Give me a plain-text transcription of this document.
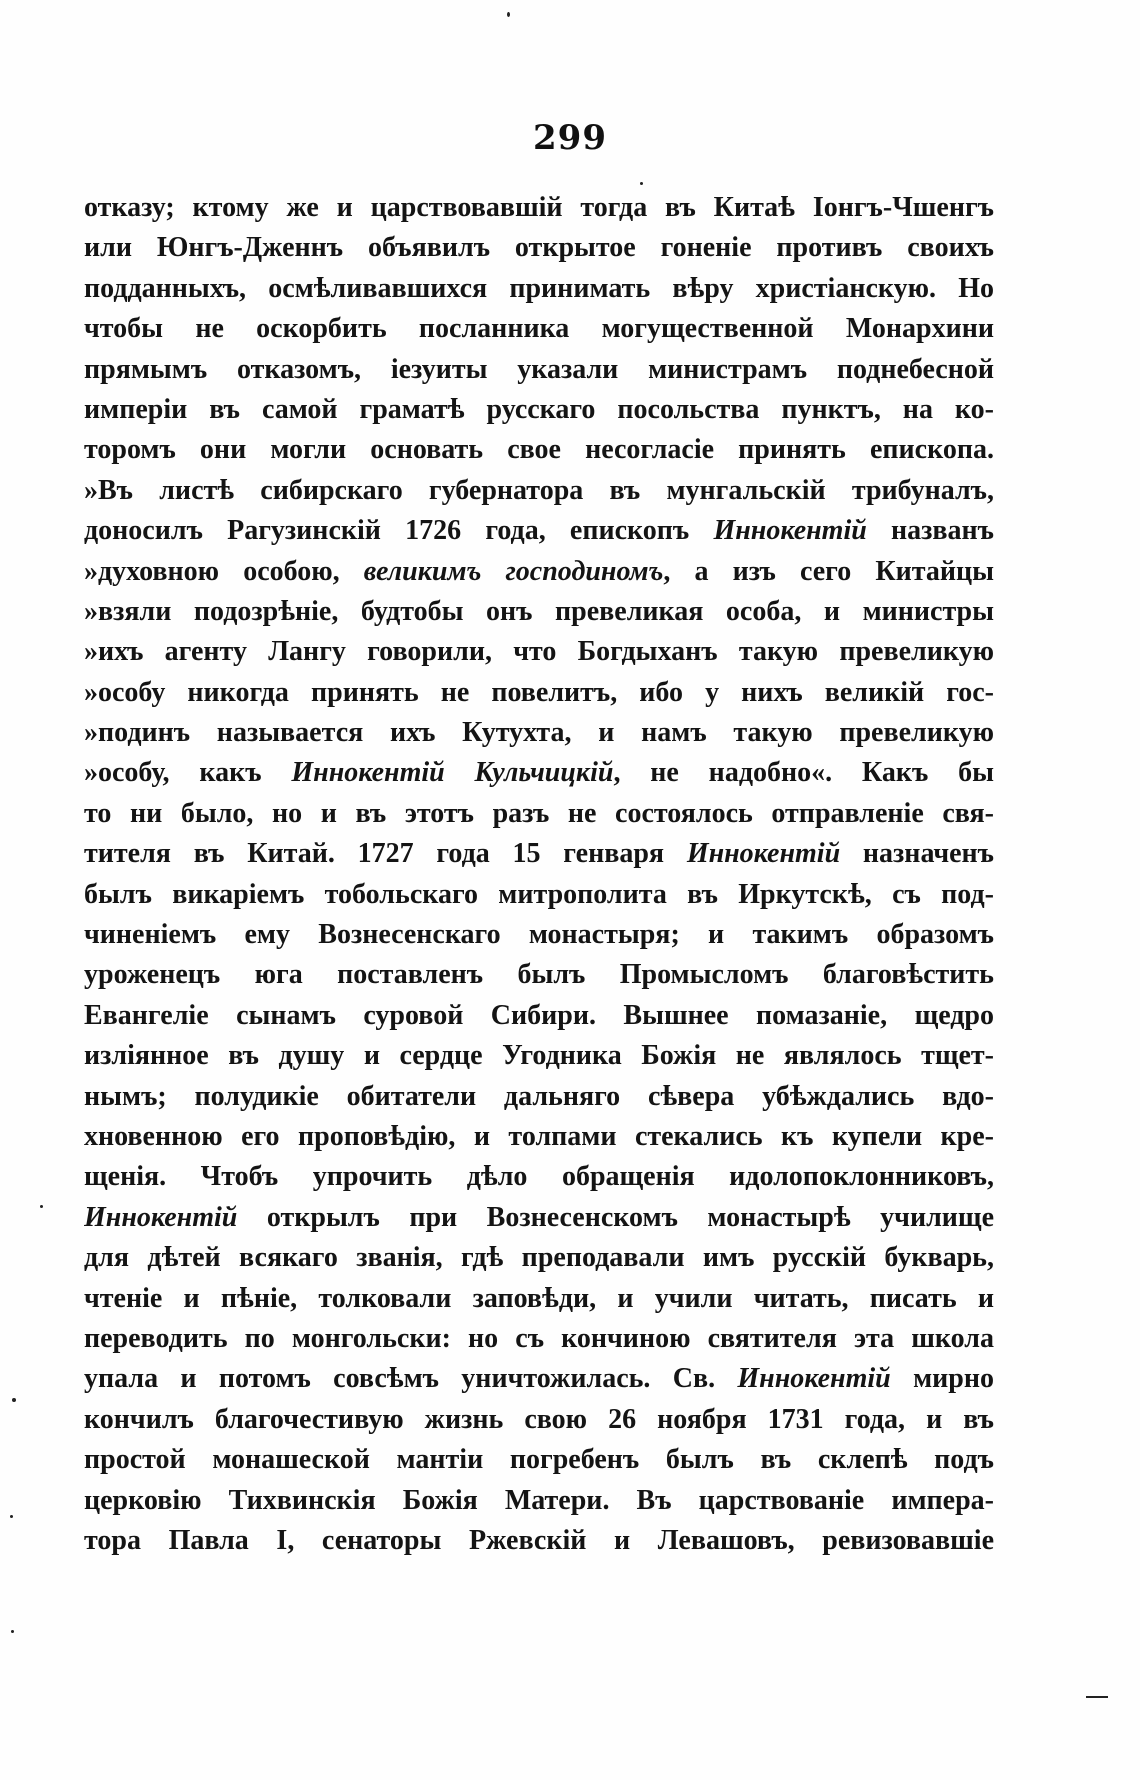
299
отказу; ктому же и царствовавшій тогда въ Китаѣ Іонгъ-Чшенгъ
или Юнгъ-Дженнъ объявилъ открытое гоненіе противъ своихъ
подданныхъ, осмѣливавшихся принимать вѣру христіанскую. Но
чтобы не оскорбить посланника могущественной Монархини
прямымъ отказомъ, іезуиты указали министрамъ поднебесной
имперіи въ самой граматѣ русскаго посольства пунктъ, на ко-
торомъ они могли основать свое несогласіе принять епископа.
»Въ листѣ сибирскаго губернатора въ мунгальскій трибуналъ,
доносилъ Рагузинскій 1726 года, епископъ Иннокентій названъ
»духовною особою, великимъ господиномъ, а изъ сего Китайцы
»взяли подозрѣніе, будтобы онъ превеликая особа, и министры
»ихъ агенту Лангу говорили, что Богдыханъ такую превеликую
»особу никогда принять не повелитъ, ибо у нихъ великій гос-
»подинъ называется ихъ Кутухта, и намъ такую превеликую
»особу, какъ Иннокентій Кульчицкій, не надобно«. Какъ бы
то ни было, но и въ этотъ разъ не состоялось отправленіе свя-
тителя въ Китай. 1727 года 15 генваря Иннокентій назначенъ
былъ викаріемъ тобольскаго митрополита въ Иркутскѣ, съ под-
чиненіемъ ему Вознесенскаго монастыря; и такимъ образомъ
уроженецъ юга поставленъ былъ Промысломъ благовѣстить
Евангеліе сынамъ суровой Сибири. Вышнее помазаніе, щедро
излiянное въ душу и сердце Угодника Божія не являлось тщет-
нымъ; полудикіе обитатели дальняго сѣвера убѣждались вдо-
хновенною его проповѣдію, и толпами стекались къ купели кре-
щенія. Чтобъ упрочить дѣло обращенія идолопоклонниковъ,
Иннокентій открылъ при Вознесенскомъ монастырѣ училище
для дѣтей всякаго званія, гдѣ преподавали имъ русскій букварь,
чтеніе и пѣніе, толковали заповѣди, и учили читать, писать и
переводить по монгольски: но съ кончиною святителя эта школа
упала и потомъ совсѣмъ уничтожилась. Св. Иннокентій мирно
кончилъ благочестивую жизнь свою 26 ноября 1731 года, и въ
простой монашеской мантіи погребенъ былъ въ склепѣ подъ
церковію Тихвинскія Божія Матери. Въ царствованіе импера-
тора Павла I, сенаторы Ржевскій и Левашовъ, ревизовавшіе
